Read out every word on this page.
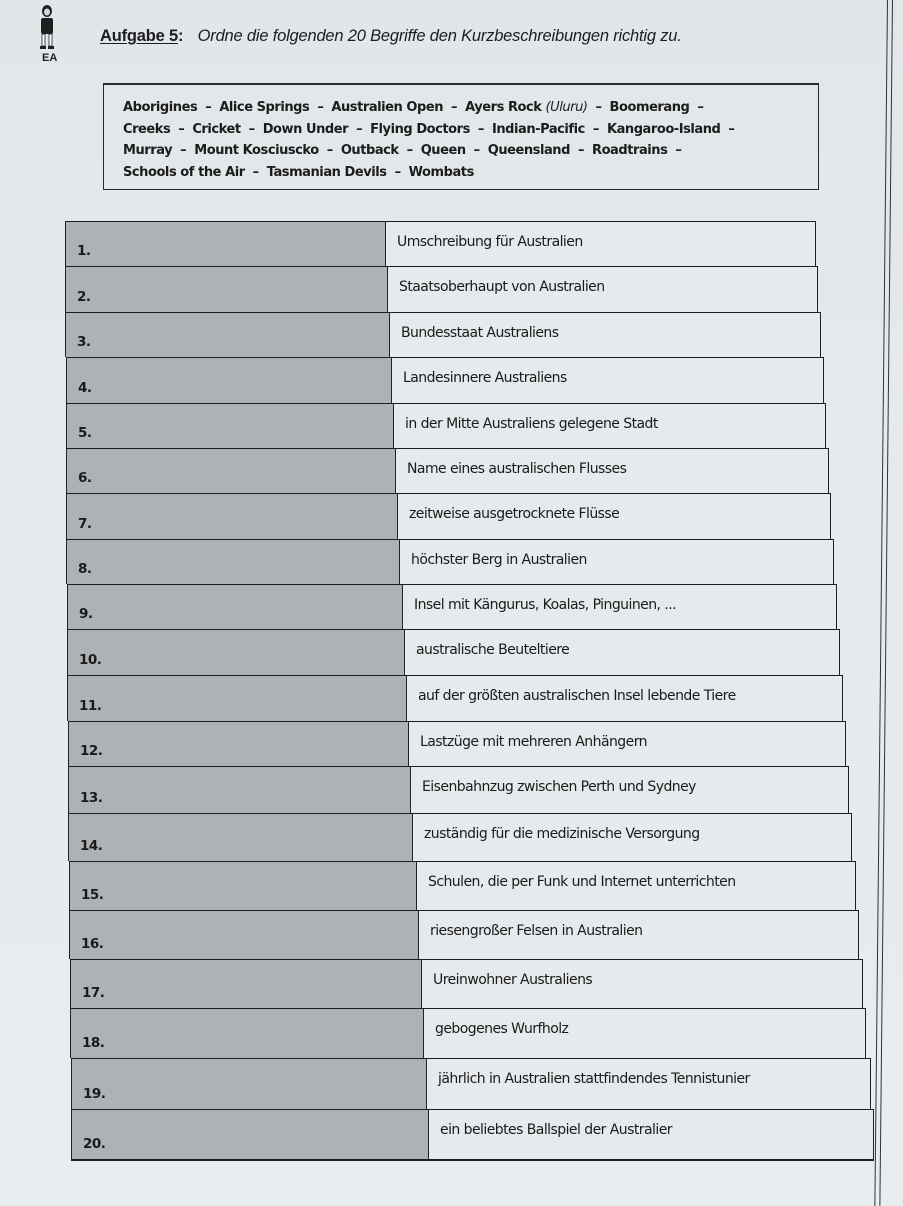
EA
Aufgabe 5: Ordne die folgenden 20 Begriffe den Kurzbeschreibungen richtig zu.
Aborigines – Alice Springs – Australien Open – Ayers Rock (Uluru) – Boomerang –
Creeks – Cricket – Down Under – Flying Doctors – Indian-Pacific – Kangaroo-Island –
Murray – Mount Kosciuscko – Outback – Queen – Queensland – Roadtrains –
Schools of the Air – Tasmanian Devils – Wombats
1.
Umschreibung für Australien
2.
Staatsoberhaupt von Australien
3.
Bundesstaat Australiens
4.
Landesinnere Australiens
5.
in der Mitte Australiens gelegene Stadt
6.
Name eines australischen Flusses
7.
zeitweise ausgetrocknete Flüsse
8.
höchster Berg in Australien
9.
Insel mit Kängurus, Koalas, Pinguinen, ...
10.
australische Beuteltiere
11.
auf der größten australischen Insel lebende Tiere
12.
Lastzüge mit mehreren Anhängern
13.
Eisenbahnzug zwischen Perth und Sydney
14.
zuständig für die medizinische Versorgung
15.
Schulen, die per Funk und Internet unterrichten
16.
riesengroßer Felsen in Australien
17.
Ureinwohner Australiens
18.
gebogenes Wurfholz
19.
jährlich in Australien stattfindendes Tennistunier
20.
ein beliebtes Ballspiel der Australier
